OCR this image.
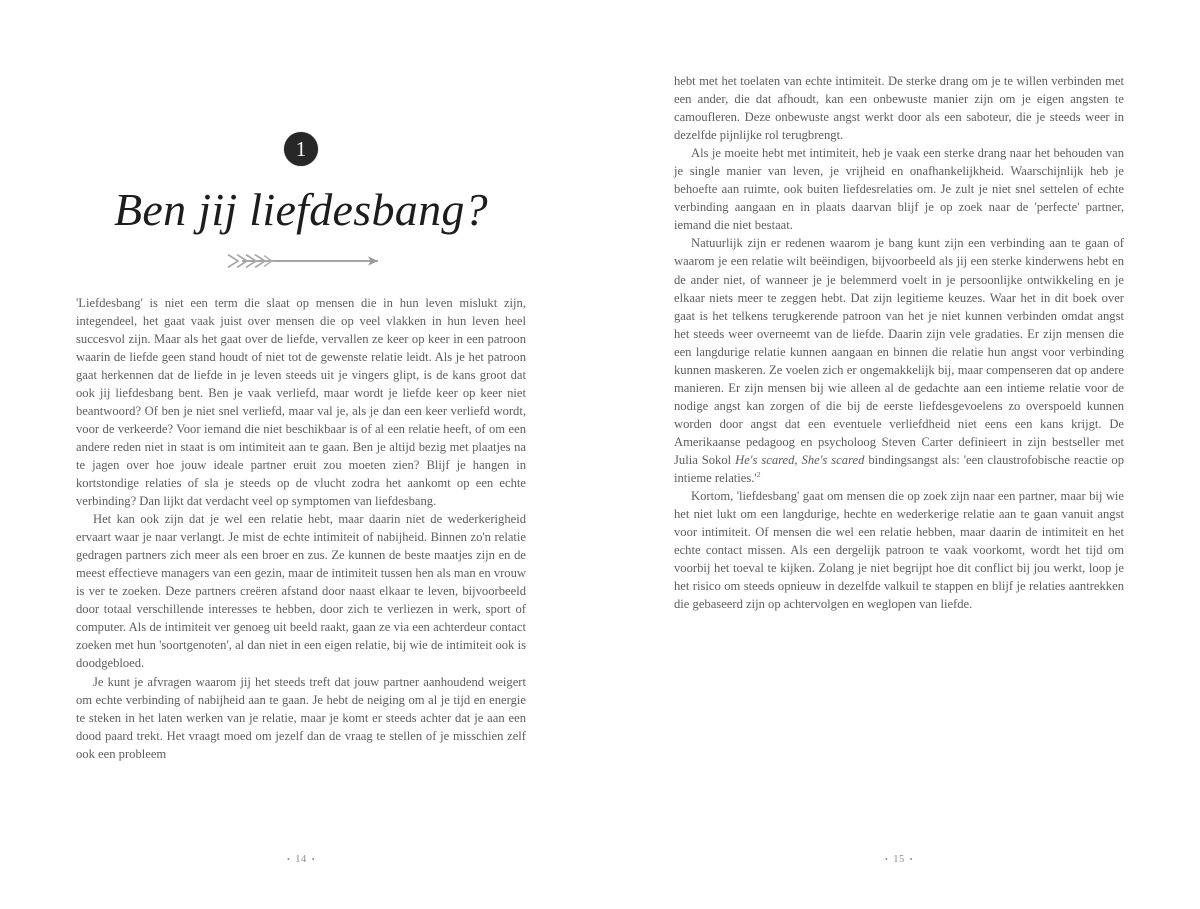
1
Ben jij liefdesbang?

'Liefdesbang' is niet een term die slaat op mensen die in hun leven mislukt zijn, integendeel, het gaat vaak juist over mensen die op veel vlakken in hun leven heel succesvol zijn. Maar als het gaat over de liefde, vervallen ze keer op keer in een patroon waarin de liefde geen stand houdt of niet tot de gewenste relatie leidt. Als je het patroon gaat herkennen dat de liefde in je leven steeds uit je vingers glipt, is de kans groot dat ook jij liefdesbang bent. Ben je vaak verliefd, maar wordt je liefde keer op keer niet beantwoord? Of ben je niet snel verliefd, maar val je, als je dan een keer verliefd wordt, voor de verkeerde? Voor iemand die niet beschikbaar is of al een relatie heeft, of om een andere reden niet in staat is om intimiteit aan te gaan. Ben je altijd bezig met plaatjes na te jagen over hoe jouw ideale partner eruit zou moeten zien? Blijf je hangen in kortstondige relaties of sla je steeds op de vlucht zodra het aankomt op een echte verbinding? Dan lijkt dat verdacht veel op symptomen van liefdesbang.

Het kan ook zijn dat je wel een relatie hebt, maar daarin niet de wederkerigheid ervaart waar je naar verlangt. Je mist de echte intimiteit of nabijheid. Binnen zo'n relatie gedragen partners zich meer als een broer en zus. Ze kunnen de beste maatjes zijn en de meest effectieve managers van een gezin, maar de intimiteit tussen hen als man en vrouw is ver te zoeken. Deze partners creëren afstand door naast elkaar te leven, bijvoorbeeld door totaal verschillende interesses te hebben, door zich te verliezen in werk, sport of computer. Als de intimiteit ver genoeg uit beeld raakt, gaan ze via een achterdeur contact zoeken met hun 'soortgenoten', al dan niet in een eigen relatie, bij wie de intimiteit ook is doodgebloed.

Je kunt je afvragen waarom jij het steeds treft dat jouw partner aanhoudend weigert om echte verbinding of nabijheid aan te gaan. Je hebt de neiging om al je tijd en energie te steken in het laten werken van je relatie, maar je komt er steeds achter dat je aan een dood paard trekt. Het vraagt moed om jezelf dan de vraag te stellen of je misschien zelf ook een probleem

• 14 •

hebt met het toelaten van echte intimiteit. De sterke drang om je te willen verbinden met een ander, die dat afhoudt, kan een onbewuste manier zijn om je eigen angsten te camoufleren. Deze onbewuste angst werkt door als een saboteur, die je steeds weer in dezelfde pijnlijke rol terugbrengt.

Als je moeite hebt met intimiteit, heb je vaak een sterke drang naar het behouden van je single manier van leven, je vrijheid en onafhankelijkheid. Waarschijnlijk heb je behoefte aan ruimte, ook buiten liefdesrelaties om. Je zult je niet snel settelen of echte verbinding aangaan en in plaats daarvan blijf je op zoek naar de 'perfecte' partner, iemand die niet bestaat.

Natuurlijk zijn er redenen waarom je bang kunt zijn een verbinding aan te gaan of waarom je een relatie wilt beëindigen, bijvoorbeeld als jij een sterke kinderwens hebt en de ander niet, of wanneer je je belemmerd voelt in je persoonlijke ontwikkeling en je elkaar niets meer te zeggen hebt. Dat zijn legitieme keuzes. Waar het in dit boek over gaat is het telkens terugkerende patroon van het je niet kunnen verbinden omdat angst het steeds weer overneemt van de liefde. Daarin zijn vele gradaties. Er zijn mensen die een langdurige relatie kunnen aangaan en binnen die relatie hun angst voor verbinding kunnen maskeren. Ze voelen zich er ongemakkelijk bij, maar compenseren dat op andere manieren. Er zijn mensen bij wie alleen al de gedachte aan een intieme relatie voor de nodige angst kan zorgen of die bij de eerste liefdesgevoelens zo overspoeld kunnen worden door angst dat een eventuele verliefdheid niet eens een kans krijgt. De Amerikaanse pedagoog en psycholoog Steven Carter definieert in zijn bestseller met Julia Sokol He's scared, She's scared bindingsangst als: 'een claustrofobische reactie op intieme $relaties.'^2$

Kortom, 'liefdesbang' gaat om mensen die op zoek zijn naar een partner, maar bij wie het niet lukt om een langdurige, hechte en wederkerige relatie aan te gaan vanuit angst voor intimiteit. Of mensen die wel een relatie hebben, maar daarin de intimiteit en het echte contact missen. Als een dergelijk patroon te vaak voorkomt, wordt het tijd om voorbij het toeval te kijken. Zolang je niet begrijpt hoe dit conflict bij jou werkt, loop je het risico om steeds opnieuw in dezelfde valkuil te stappen en blijf je relaties aantrekken die gebaseerd zijn op achtervolgen en weglopen van liefde.

• 15 •
